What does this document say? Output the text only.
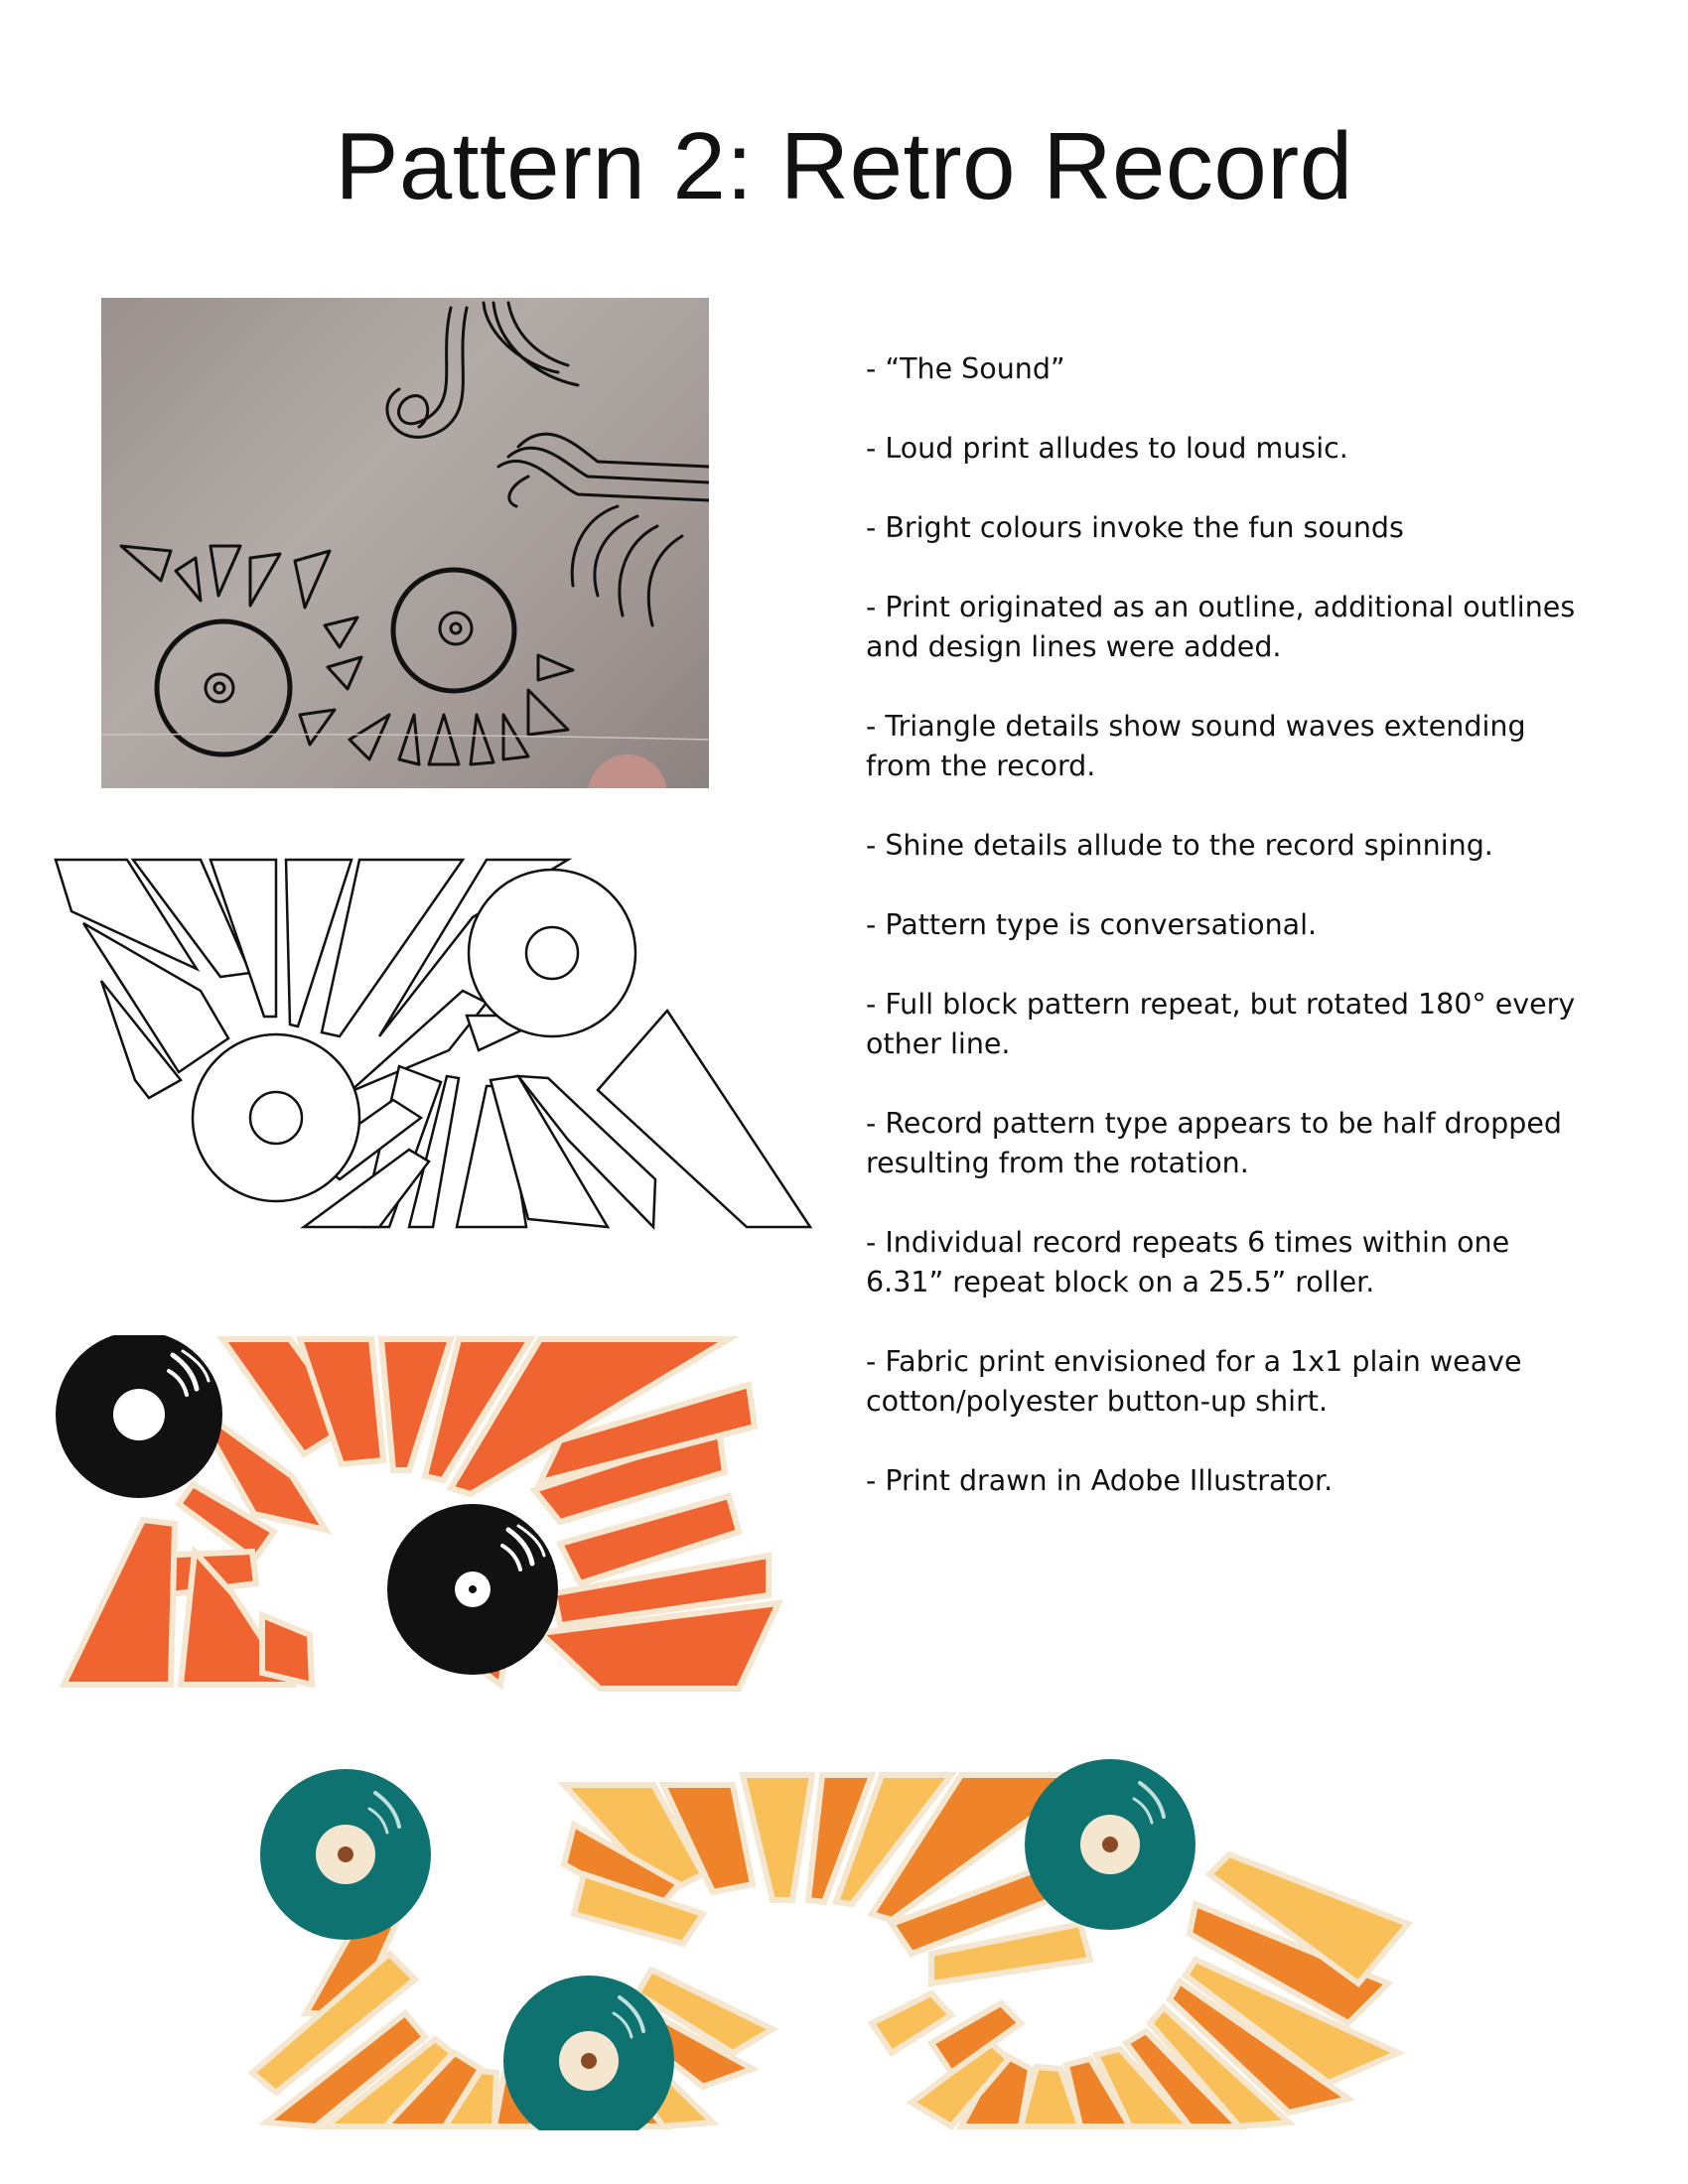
Pattern 2: Retro Record
- “The Sound”
- Loud print alludes to loud music.
- Bright colours invoke the fun sounds
- Print originated as an outline, additional outlines and design lines were added.
- Triangle details show sound waves extending from the record.
- Shine details allude to the record spinning.
- Pattern type is conversational.
- Full block pattern repeat, but rotated 180° every other line.
- Record pattern type appears to be half dropped resulting from the rotation.
- Individual record repeats 6 times within one 6.31” repeat block on a 25.5” roller.
- Fabric print envisioned for a 1x1 plain weave cotton/polyester button-up shirt.
- Print drawn in Adobe Illustrator.
